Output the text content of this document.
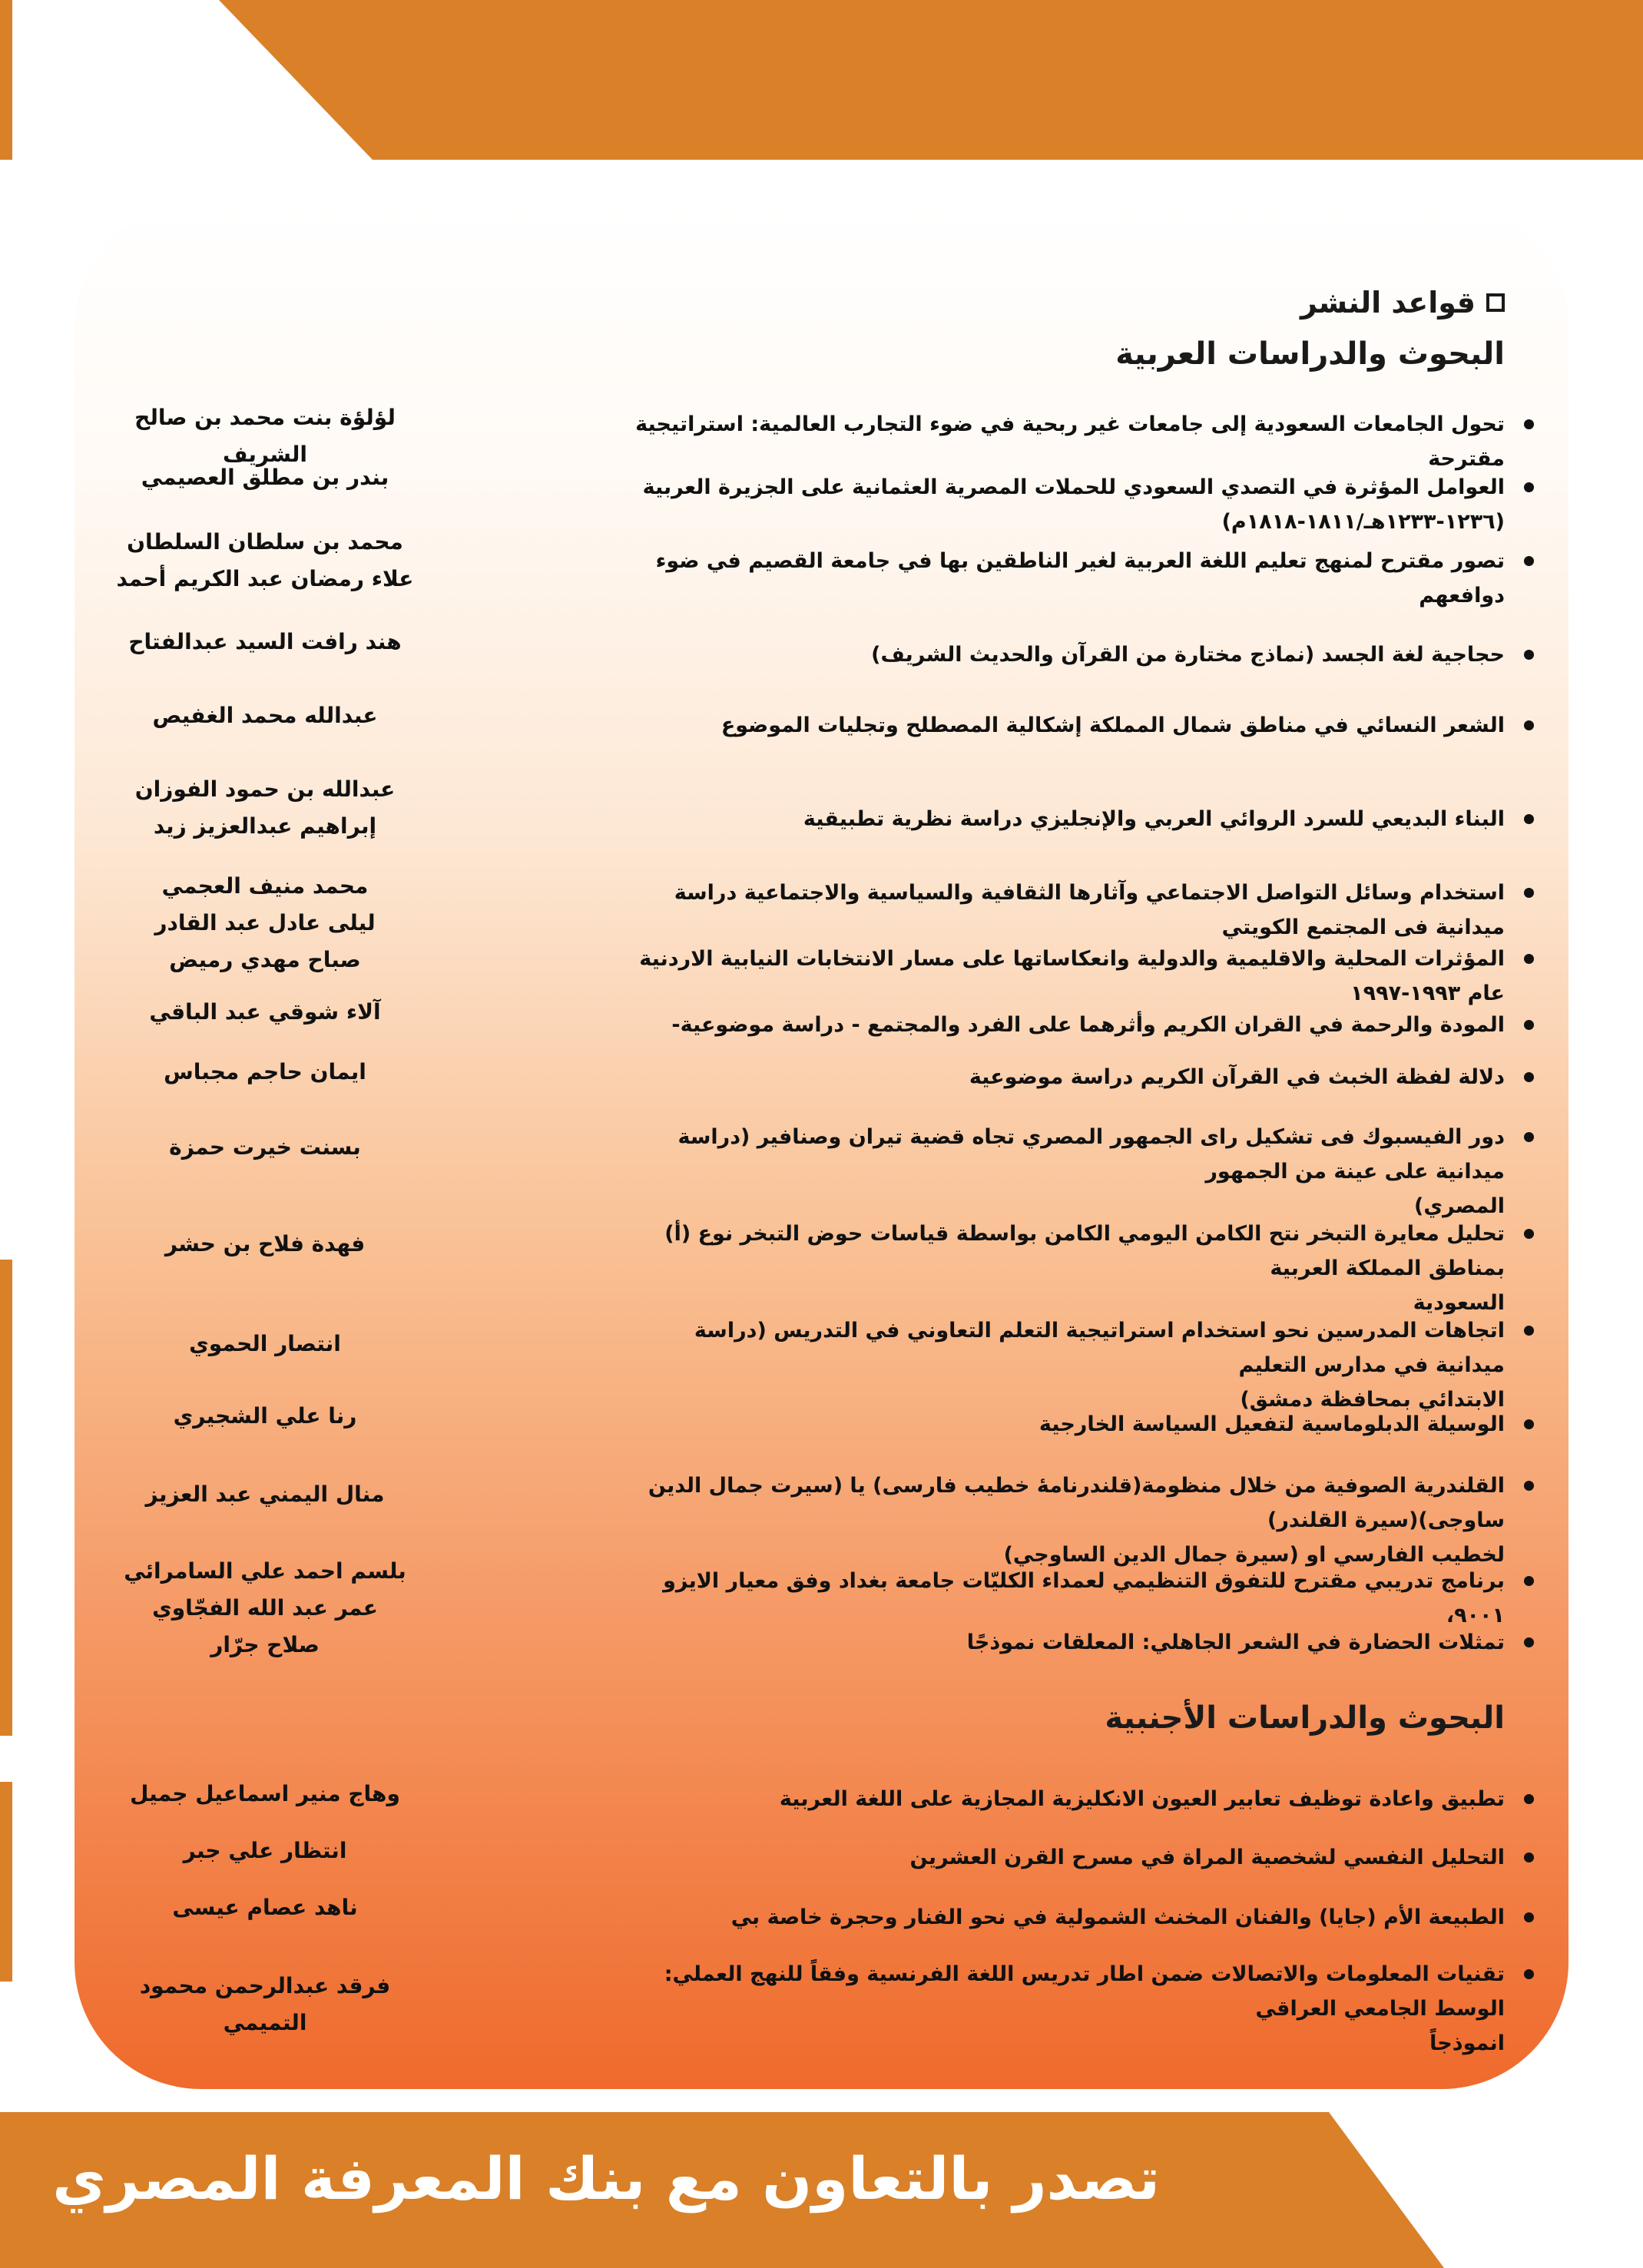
قواعد النشر
البحوث والدراسات العربية
تحول الجامعات السعودية إلى جامعات غير ربحية في ضوء التجارب العالمية: استراتيجية مقترحة
العوامل المؤثرة في التصدي السعودي للحملات المصرية العثمانية على الجزيرة العربية (١٢٣٦-١٢٣٣هـ/١٨١١-١٨١٨م)
تصور مقترح لمنهج تعليم اللغة العربية لغير الناطقين بها في جامعة القصيم في ضوء دوافعهم
حجاجية لغة الجسد (نماذج مختارة من القرآن والحديث الشريف)
الشعر النسائي في مناطق شمال المملكة إشكالية المصطلح وتجليات الموضوع
البناء البديعي للسرد الروائي العربي والإنجليزي دراسة نظرية تطبيقية
استخدام وسائل التواصل الاجتماعي وآثارها الثقافية والسياسية والاجتماعية دراسة ميدانية فى المجتمع الكويتي
المؤثرات المحلية والاقليمية والدولية وانعكاساتها على مسار الانتخابات النيابية الاردنية عام ١٩٩٣-١٩٩٧
المودة والرحمة في القران الكريم وأثرهما على الفرد والمجتمع - دراسة موضوعية-
دلالة لفظة الخبث في القرآن الكريم دراسة موضوعية
دور الفيسبوك فى تشكيل راى الجمهور المصري تجاه قضية تيران وصنافير (دراسة ميدانية على عينة من الجمهور
المصري)
تحليل معايرة التبخر نتح الكامن اليومي الكامن بواسطة قياسات حوض التبخر نوع (أ) بمناطق المملكة العربية
السعودية
اتجاهات المدرسين نحو استخدام استراتيجية التعلم التعاوني في التدريس (دراسة ميدانية في مدارس التعليم
الابتدائي بمحافظة دمشق)
الوسيلة الدبلوماسية لتفعيل السياسة الخارجية
القلندرية الصوفية من خلال منظومة(قلندرنامۀ خطيب فارسى) يا (سيرت جمال الدين ساوجى)(سيرة القلندر)
لخطيب الفارسي او (سيرة جمال الدين الساوجي)
برنامج تدريبي مقترح للتفوق التنظيمي لعمداء الكليّات جامعة بغداد وفق معيار الايزو ٩٠٠١،
تمثلات الحضارة في الشعر الجاهلي: المعلقات نموذجًا
البحوث والدراسات الأجنبية
تطبيق واعادة توظيف تعابير العيون الانكليزية المجازية على اللغة العربية
التحليل النفسي لشخصية المراة في مسرح القرن العشرين
الطبيعة الأم (جايا) والفنان المخنث الشمولية في نحو الفنار وحجرة خاصة بي
تقنيات المعلومات والاتصالات ضمن اطار تدريس اللغة الفرنسية وفقاً للنهج العملي: الوسط الجامعي العراقي
انموذجاً
لؤلؤة بنت محمد بن صالح الشريف
بندر بن مطلق العصيمي
محمد بن سلطان السلطان
علاء رمضان عبد الكريم أحمد
هند رافت السيد عبدالفتاح
عبدالله محمد الغفيص
عبدالله بن حمود الفوزان
إبراهيم عبدالعزيز زيد
محمد منيف العجمي
ليلى عادل عبد القادر
صباح مهدي رميض
آلاء شوقي عبد الباقي
ايمان حاجم مجباس
بسنت خيرت حمزة
فهدة فلاح بن حشر
انتصار الحموي
رنا علي الشجيري
منال اليمني عبد العزيز
بلسم احمد علي السامرائي
عمر عبد الله الفجّاوي
صلاح جرّار
وهاج منير اسماعيل جميل
انتظار علي جبر
ناهد عصام عيسى
فرقد عبدالرحمن محمود التميمي
تصدر بالتعاون مع بنك المعرفة المصري
